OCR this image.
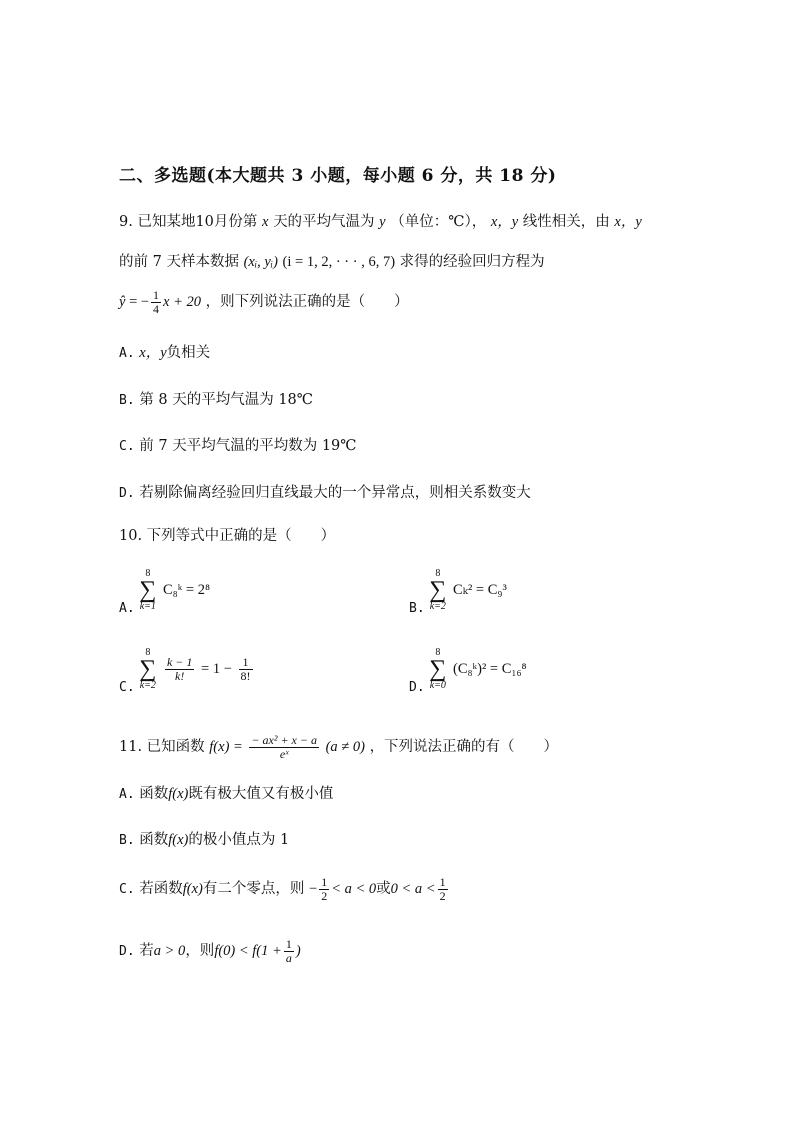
二、多选题(本大题共 3 小题，每小题 6 分，共 18 分)
9. 已知某地10月份第 x 天的平均气温为 y （单位：℃）， x，y 线性相关，由 x，y
的前 7 天样本数据 (xᵢ, yᵢ) (i = 1, 2, · · · , 6, 7) 求得的经验回归方程为
ŷ = − $\frac{1}{4}$ x + 20 ，则下列说法正确的是（　　）
A. x，y负相关
B. 第 8 天的平均气温为 18℃
C. 前 7 天平均气温的平均数为 19℃
D. 若剔除偏离经验回归直线最大的一个异常点，则相关系数变大
10. 下列等式中正确的是（　　）
A. 8
∑
k=1 C₈ᵏ = 2⁸
B. 8
∑
k=2 Cₖ² = C₉³
C. 8
∑
k=2
$\frac{k - 1}{k!} = 1 - \frac{1}{8!}$
D. 8
∑
k=0 (C₈ᵏ)² = C₁₆⁸
11. 已知函数 $f(x) = \frac{\text{− ax² + x − a}}{\text{eˣ}} (a \ne 0)$ ，下列说法正确的有（　　）
A. 函数f(x)既有极大值又有极小值
B. 函数f(x)的极小值点为 1
C. 若函数f(x)有二个零点，则 − $\frac{1}{2} < a < 0$或$0 < a < \frac{1}{2}$
D. 若a > 0，则$f(0) < f(1 + \frac{1}{a}$ )
